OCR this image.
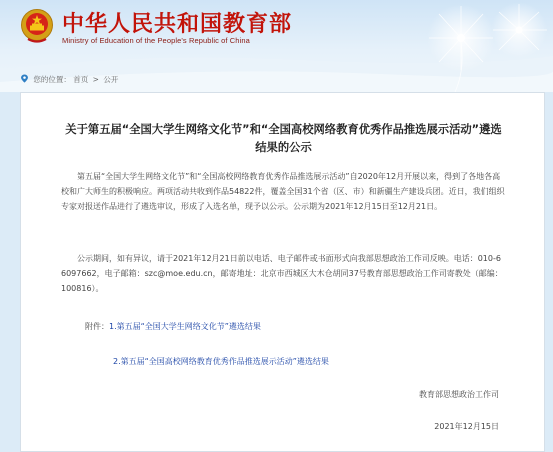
中华人民共和国教育部
Ministry of Education of the People's Republic of China
您的位置： 首页 > 公开
关于第五届“全国大学生网络文化节”和“全国高校网络教育优秀作品推选展示活动”遴选结果的公示

第五届“全国大学生网络文化节”和“全国高校网络教育优秀作品推选展示活动”自2020年12月开展以来，得到了各地各高校和广大师生的积极响应。两项活动共收到作品54822件，覆盖全国31个省（区、市）和新疆生产建设兵团。近日，我们组织专家对报送作品进行了遴选审议，形成了入选名单，现予以公示。公示期为2021年12月15日至12月21日。

公示期间，如有异议，请于2021年12月21日前以电话、电子邮件或书面形式向我部思想政治工作司反映。电话：010-66097662，电子邮箱：szc@moe.edu.cn，邮寄地址：北京市西城区大木仓胡同37号教育部思想政治工作司寄教处（邮编：100816）。

附件：1.第五届“全国大学生网络文化节”遴选结果
2.第五届“全国高校网络教育优秀作品推选展示活动”遴选结果
教育部思想政治工作司
2021年12月15日
